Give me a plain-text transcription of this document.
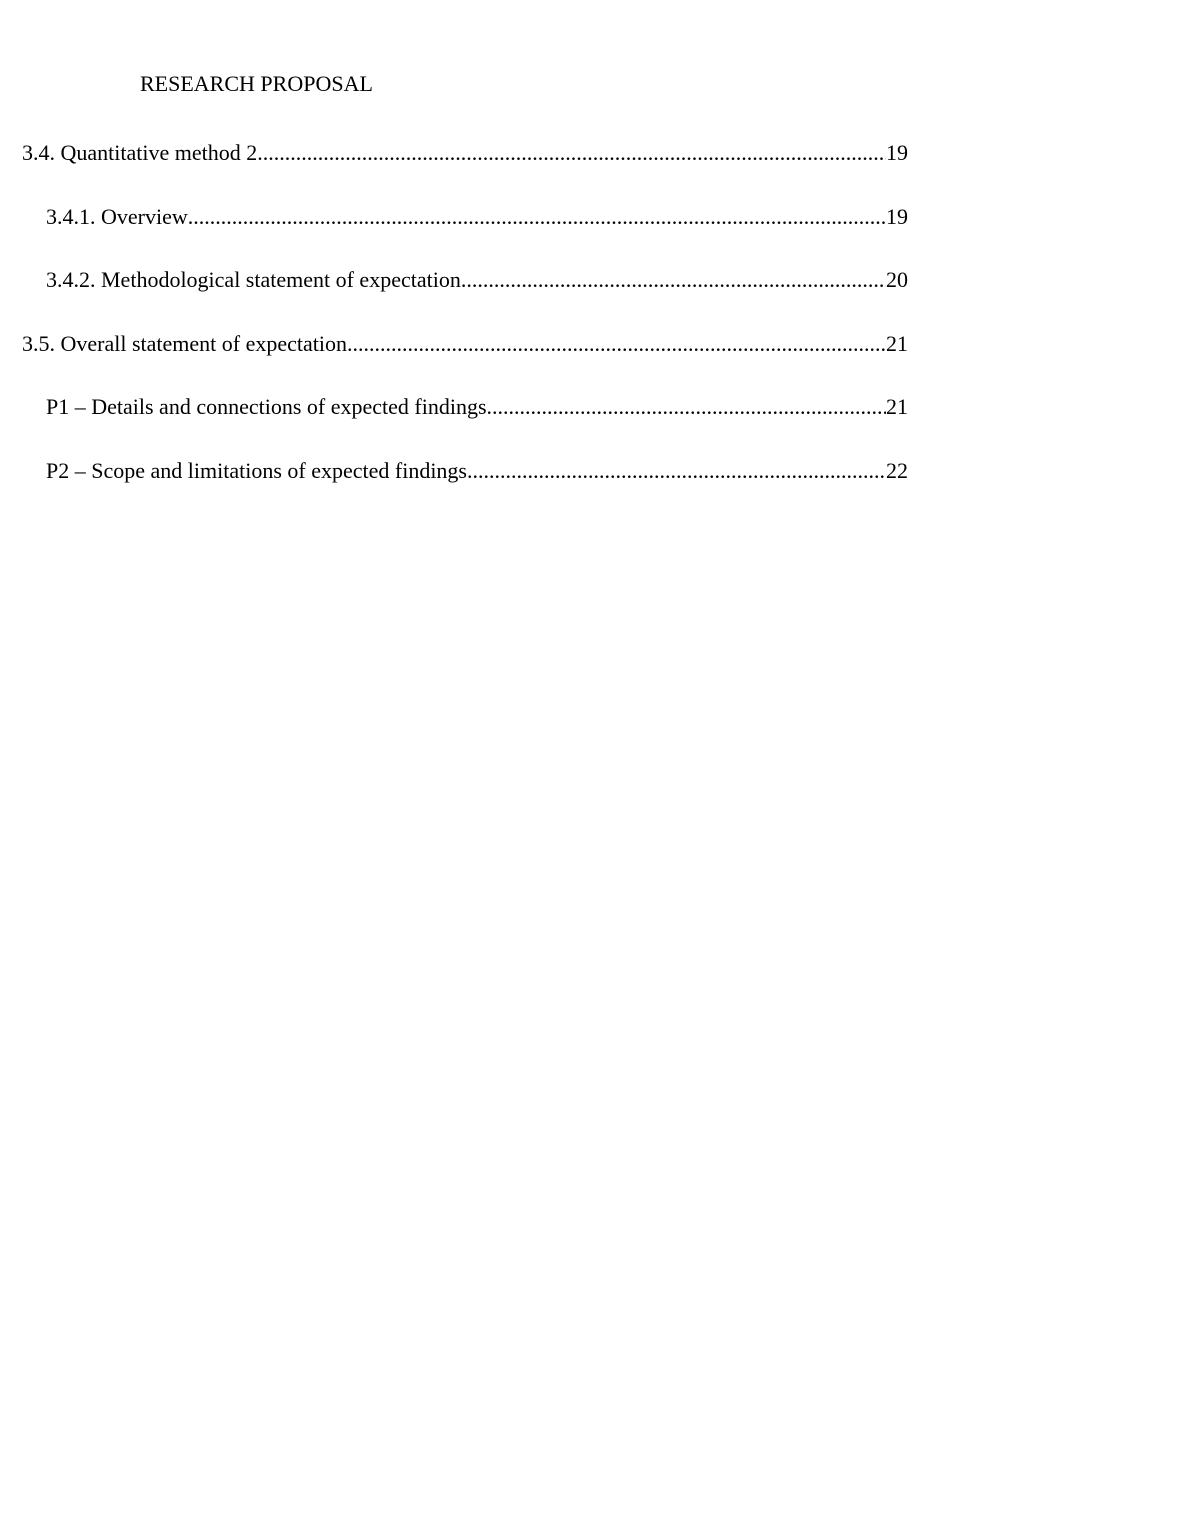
RESEARCH PROPOSAL
3.4. Quantitative method 2 .....	19
3.4.1. Overview .....	19
3.4.2. Methodological statement of expectation .....	20
3.5. Overall statement of expectation .....	21
P1 – Details and connections of expected findings .....	21
P2 – Scope and limitations of expected findings .....	22
